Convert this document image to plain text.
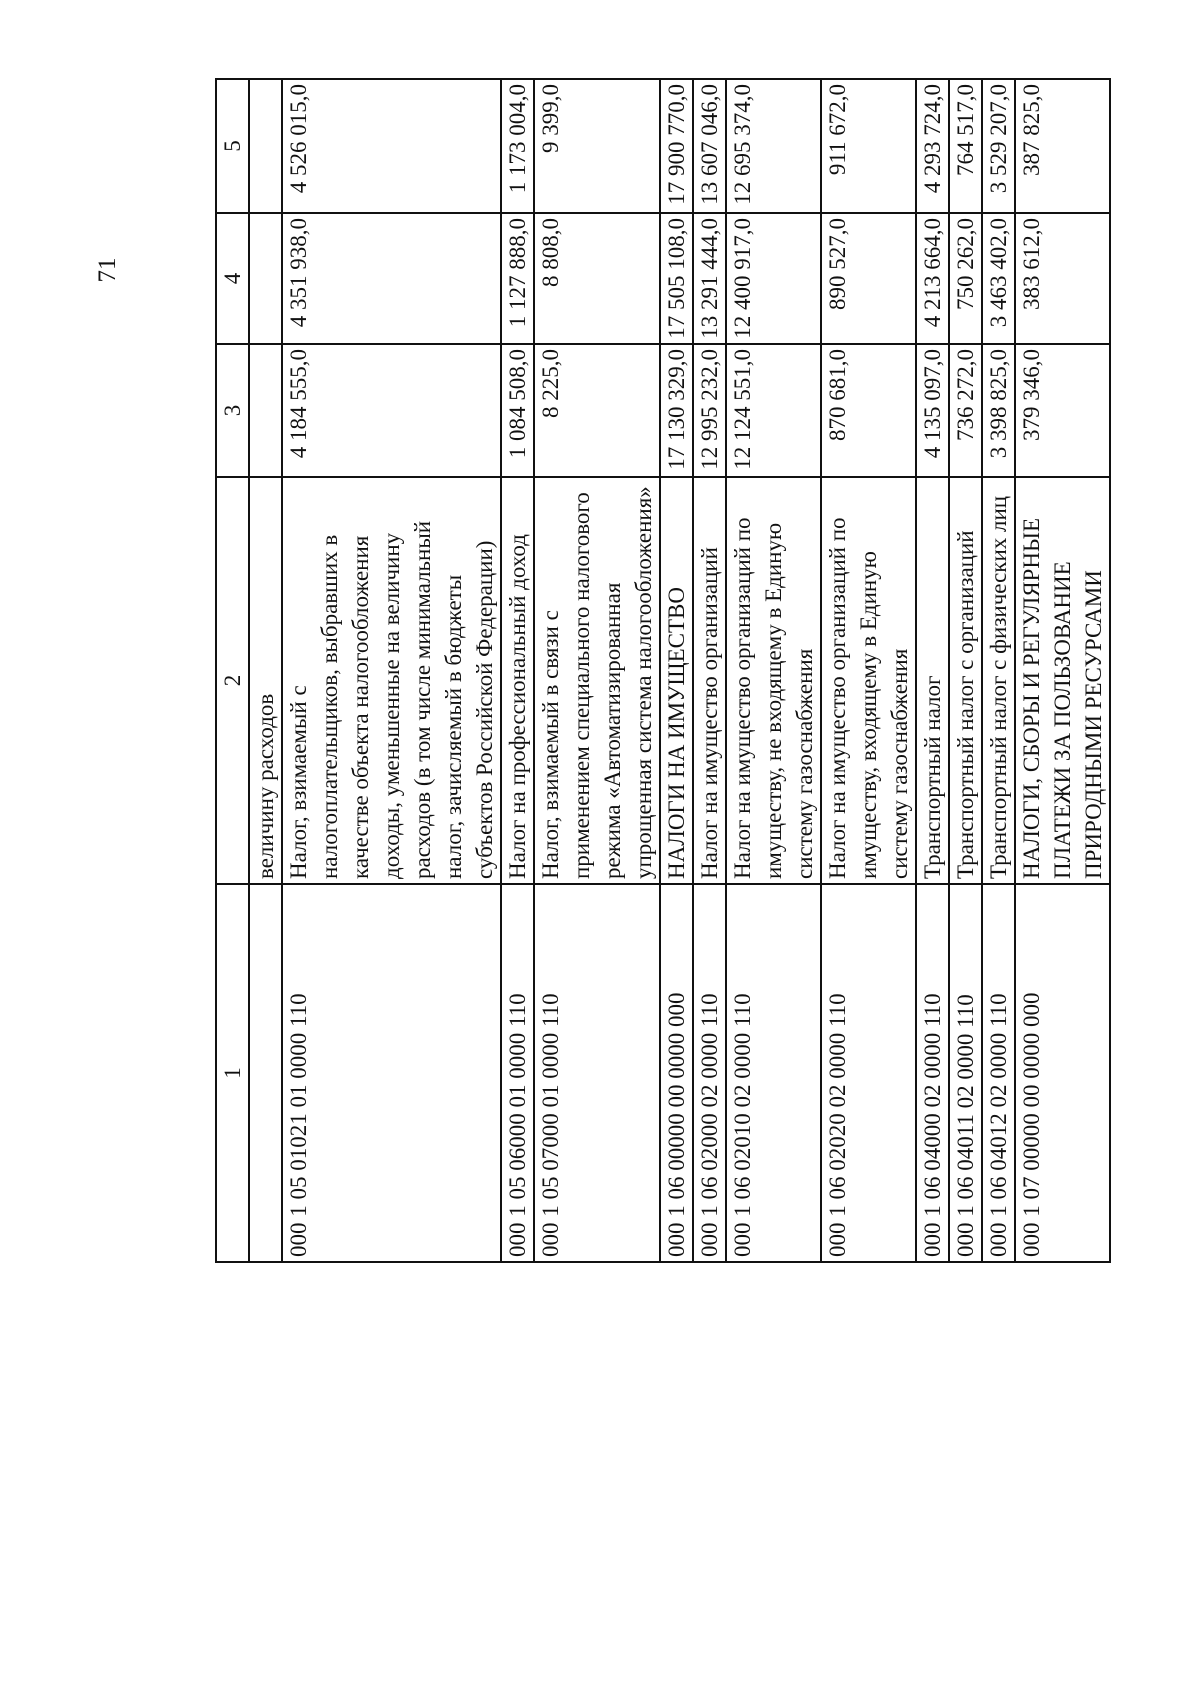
71
1	2	3	4	5
	величину расходов			
000 1 05 01021 01 0000 110	Налог, взимаемый с налогоплательщиков, выбравших в качестве объекта налогообложения доходы, уменьшенные на величину расходов (в том числе минимальный налог, зачисляемый в бюджеты субъектов Российской Федерации)	4 184 555,0	4 351 938,0	4 526 015,0
000 1 05 06000 01 0000 110	Налог на профессиональный доход	1 084 508,0	1 127 888,0	1 173 004,0
000 1 05 07000 01 0000 110	Налог, взимаемый в связи с применением специального налогового режима «Автоматизированная упрощенная система налогообложения»	8 225,0	8 808,0	9 399,0
000 1 06 00000 00 0000 000	НАЛОГИ НА ИМУЩЕСТВО	17 130 329,0	17 505 108,0	17 900 770,0
000 1 06 02000 02 0000 110	Налог на имущество организаций	12 995 232,0	13 291 444,0	13 607 046,0
000 1 06 02010 02 0000 110	Налог на имущество организаций по имуществу, не входящему в Единую систему газоснабжения	12 124 551,0	12 400 917,0	12 695 374,0
000 1 06 02020 02 0000 110	Налог на имущество организаций по имуществу, входящему в Единую систему газоснабжения	870 681,0	890 527,0	911 672,0
000 1 06 04000 02 0000 110	Транспортный налог	4 135 097,0	4 213 664,0	4 293 724,0
000 1 06 04011 02 0000 110	Транспортный налог с организаций	736 272,0	750 262,0	764 517,0
000 1 06 04012 02 0000 110	Транспортный налог с физических лиц	3 398 825,0	3 463 402,0	3 529 207,0
000 1 07 00000 00 0000 000	НАЛОГИ, СБОРЫ И РЕГУЛЯРНЫЕ ПЛАТЕЖИ ЗА ПОЛЬЗОВАНИЕ ПРИРОДНЫМИ РЕСУРСАМИ	379 346,0	383 612,0	387 825,0
